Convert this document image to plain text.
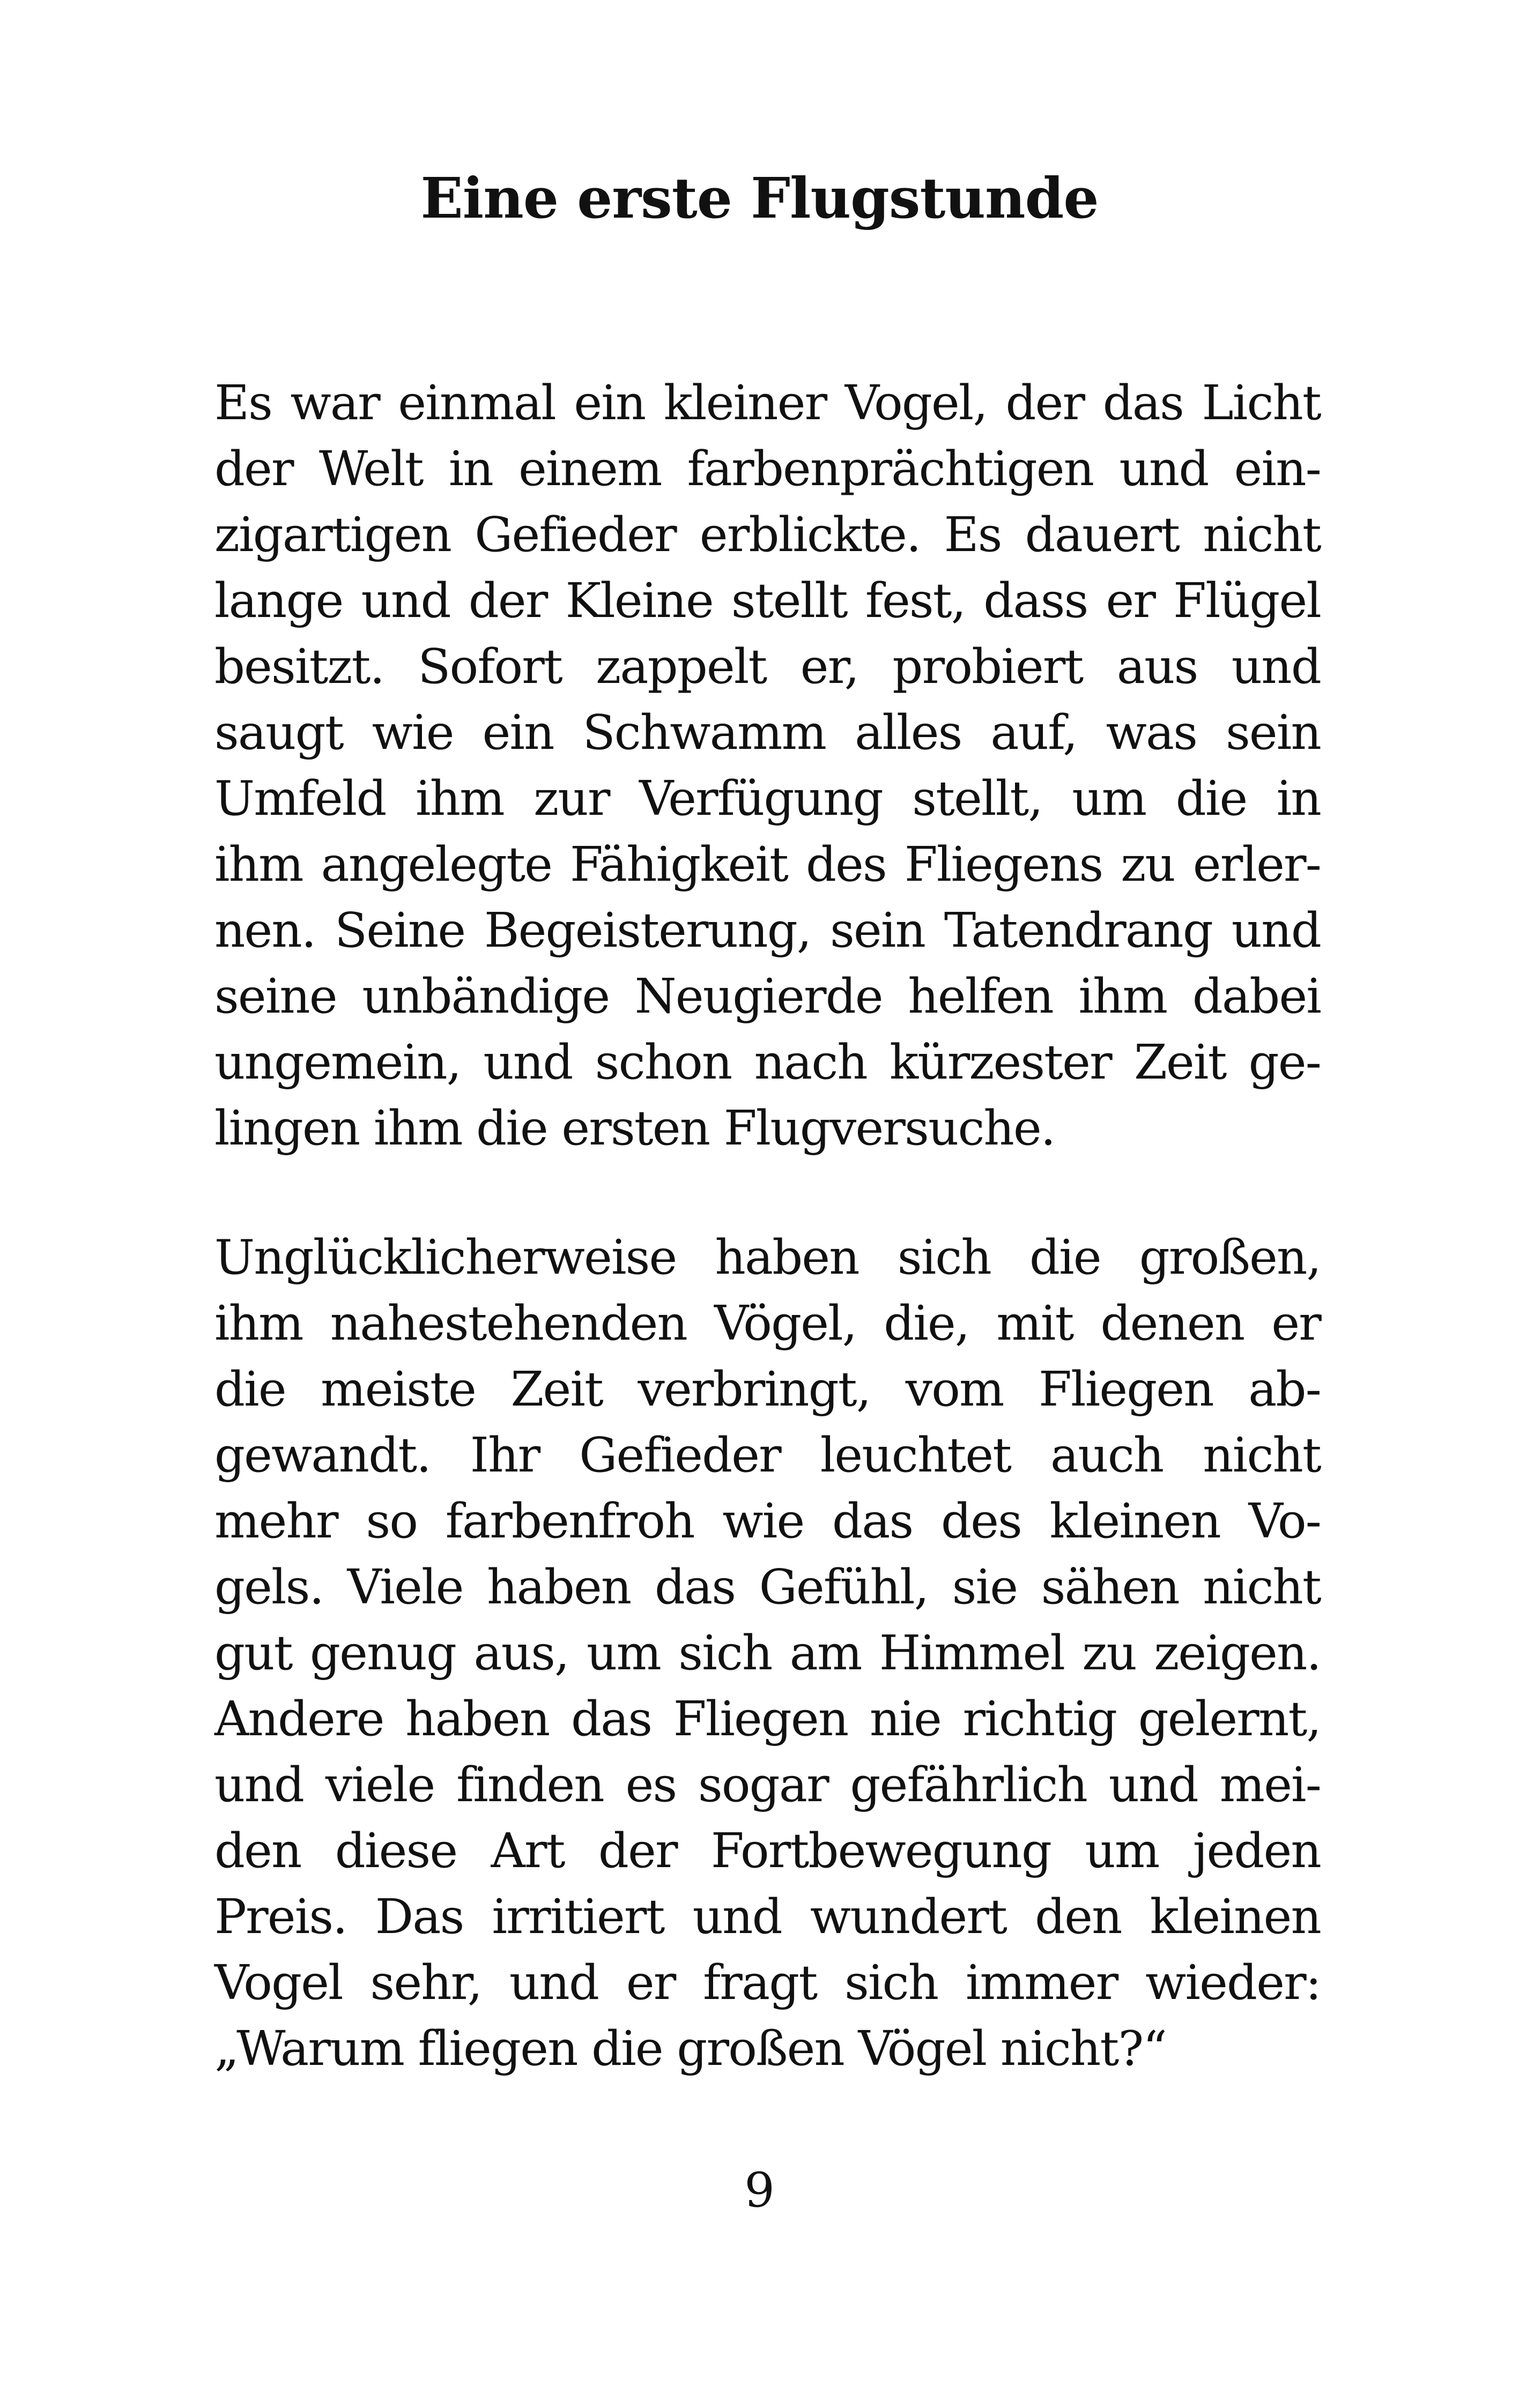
Eine erste Flugstunde
Es war einmal ein kleiner Vogel, der das Licht
der Welt in einem farbenprächtigen und ein-
zigartigen Gefieder erblickte. Es dauert nicht
lange und der Kleine stellt fest, dass er Flügel
besitzt. Sofort zappelt er, probiert aus und
saugt wie ein Schwamm alles auf, was sein
Umfeld ihm zur Verfügung stellt, um die in
ihm angelegte Fähigkeit des Fliegens zu erler-
nen. Seine Begeisterung, sein Tatendrang und
seine unbändige Neugierde helfen ihm dabei
ungemein, und schon nach kürzester Zeit ge-
lingen ihm die ersten Flugversuche.
Unglücklicherweise haben sich die großen,
ihm nahestehenden Vögel, die, mit denen er
die meiste Zeit verbringt, vom Fliegen ab-
gewandt. Ihr Gefieder leuchtet auch nicht
mehr so farbenfroh wie das des kleinen Vo-
gels. Viele haben das Gefühl, sie sähen nicht
gut genug aus, um sich am Himmel zu zeigen.
Andere haben das Fliegen nie richtig gelernt,
und viele finden es sogar gefährlich und mei-
den diese Art der Fortbewegung um jeden
Preis. Das irritiert und wundert den kleinen
Vogel sehr, und er fragt sich immer wieder:
„Warum fliegen die großen Vögel nicht?“
9
